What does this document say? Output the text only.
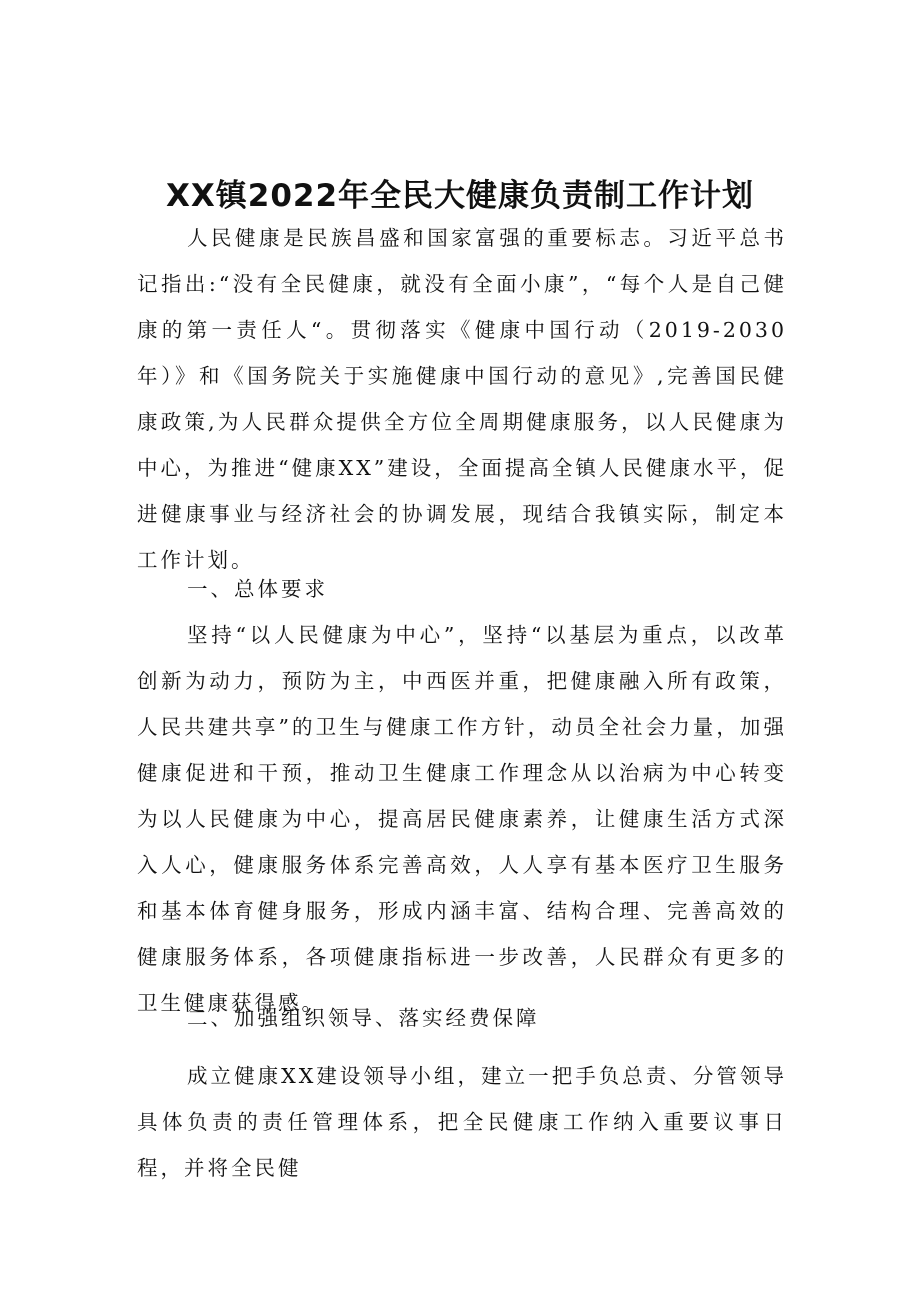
XX镇2022年全民大健康负责制工作计划

人民健康是民族昌盛和国家富强的重要标志。习近平总书记指出:“没有全民健康，就没有全面小康”，“每个人是自己健康的第一责任人“。贯彻落实《健康中国行动（2019-2030年）》和《国务院关于实施健康中国行动的意见》,完善国民健康政策,为人民群众提供全方位全周期健康服务，以人民健康为中心，为推进“健康XX”建设，全面提高全镇人民健康水平，促进健康事业与经济社会的协调发展，现结合我镇实际，制定本工作计划。

一、总体要求

坚持“以人民健康为中心”，坚持“以基层为重点，以改革创新为动力，预防为主，中西医并重，把健康融入所有政策，人民共建共享”的卫生与健康工作方针，动员全社会力量，加强健康促进和干预，推动卫生健康工作理念从以治病为中心转变为以人民健康为中心，提高居民健康素养，让健康生活方式深入人心，健康服务体系完善高效，人人享有基本医疗卫生服务和基本体育健身服务，形成内涵丰富、结构合理、完善高效的健康服务体系，各项健康指标进一步改善，人民群众有更多的卫生健康获得感。

二、加强组织领导、落实经费保障

成立健康XX建设领导小组，建立一把手负总责、分管领导具体负责的责任管理体系，把全民健康工作纳入重要议事日程，并将全民健
